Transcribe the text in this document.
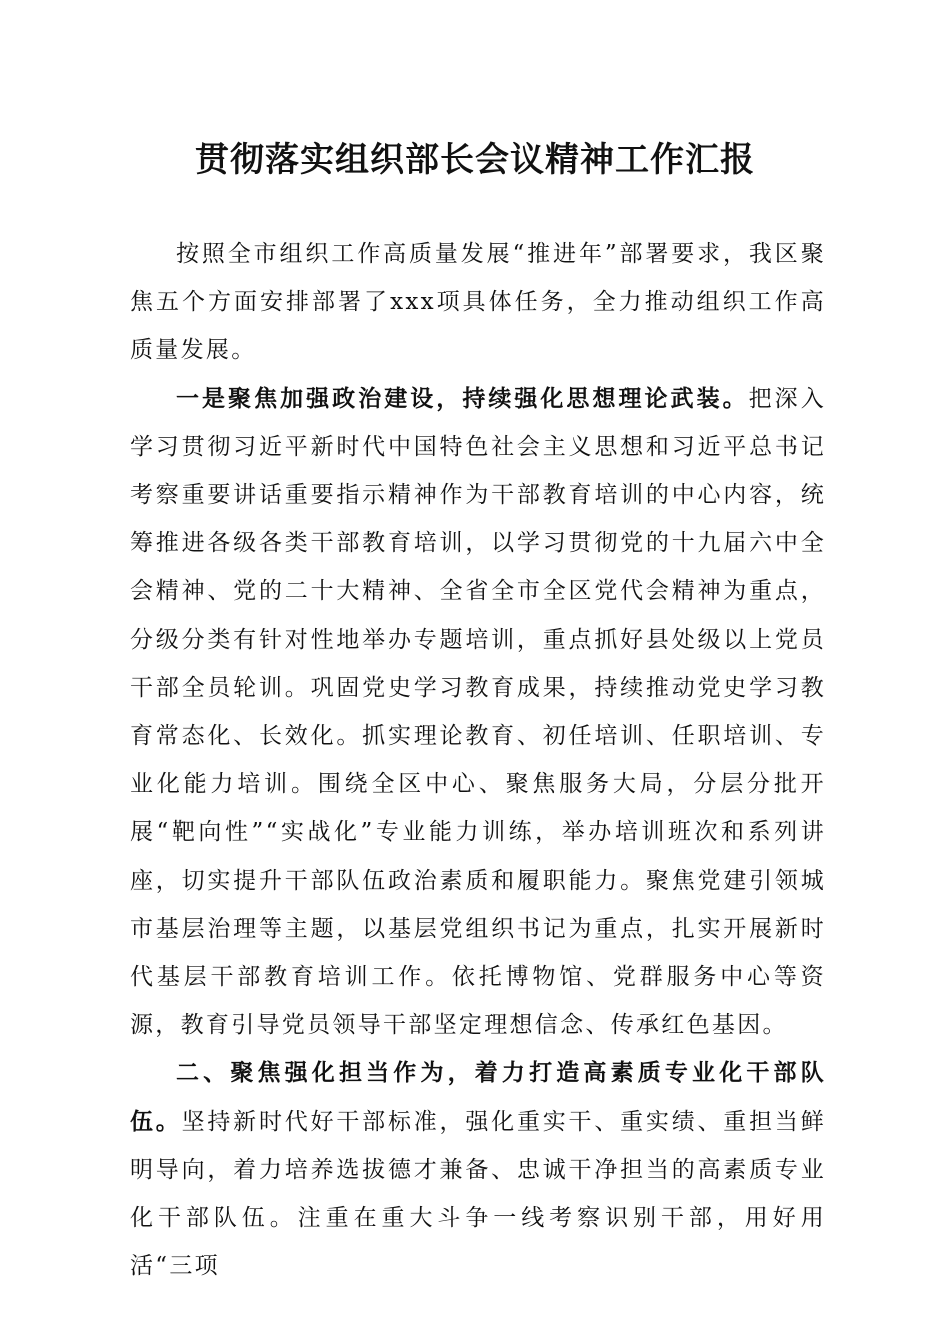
贯彻落实组织部长会议精神工作汇报

按照全市组织工作高质量发展“推进年”部署要求，我区聚焦五个方面安排部署了xxx项具体任务，全力推动组织工作高质量发展。

一是聚焦加强政治建设，持续强化思想理论武装。把深入学习贯彻习近平新时代中国特色社会主义思想和习近平总书记考察重要讲话重要指示精神作为干部教育培训的中心内容，统筹推进各级各类干部教育培训，以学习贯彻党的十九届六中全会精神、党的二十大精神、全省全市全区党代会精神为重点，分级分类有针对性地举办专题培训，重点抓好县处级以上党员干部全员轮训。巩固党史学习教育成果，持续推动党史学习教育常态化、长效化。抓实理论教育、初任培训、任职培训、专业化能力培训。围绕全区中心、聚焦服务大局，分层分批开展“靶向性”“实战化”专业能力训练，举办培训班次和系列讲座，切实提升干部队伍政治素质和履职能力。聚焦党建引领城市基层治理等主题，以基层党组织书记为重点，扎实开展新时代基层干部教育培训工作。依托博物馆、党群服务中心等资源，教育引导党员领导干部坚定理想信念、传承红色基因。

二、聚焦强化担当作为，着力打造高素质专业化干部队伍。坚持新时代好干部标准，强化重实干、重实绩、重担当鲜明导向，着力培养选拔德才兼备、忠诚干净担当的高素质专业化干部队伍。注重在重大斗争一线考察识别干部，用好用活“三项
